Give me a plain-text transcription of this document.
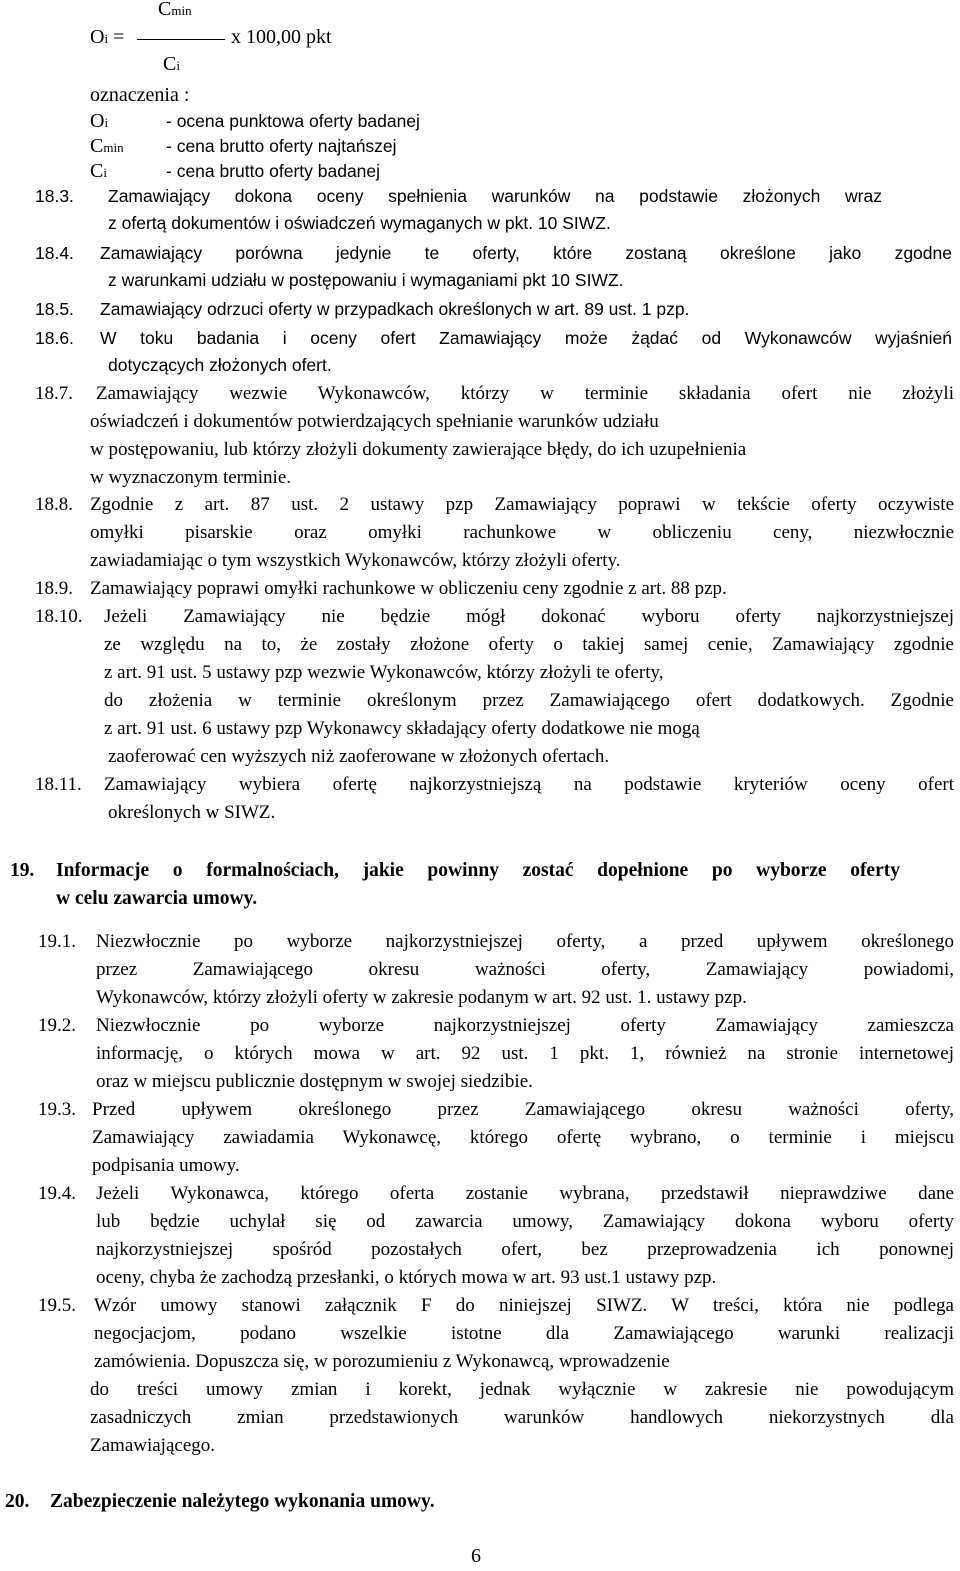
Cmin
Oi =	x 100,00 pkt
Ci
oznaczenia :
Oi	- ocena punktowa oferty badanej
Cmin - cena brutto oferty najtańszej
Ci	- cena brutto oferty badanej
18.3. Zamawiający dokona oceny spełnienia warunków na podstawie złożonych wraz
z ofertą dokumentów i oświadczeń wymaganych w pkt. 10 SIWZ.
18.4. Zamawiający porówna jedynie te oferty, które zostaną określone jako zgodne
z warunkami udziału w postępowaniu i wymaganiami pkt 10 SIWZ.
18.5. Zamawiający odrzuci oferty w przypadkach określonych w art. 89 ust. 1 pzp.
18.6. W toku badania i oceny ofert Zamawiający może żądać od Wykonawców wyjaśnień
dotyczących złożonych ofert.
18.7. Zamawiający wezwie Wykonawców, którzy w terminie składania ofert nie złożyli
oświadczeń i dokumentów potwierdzających spełnianie warunków udziału
w postępowaniu, lub którzy złożyli dokumenty zawierające błędy, do ich uzupełnienia
w wyznaczonym terminie.
18.8. Zgodnie z art. 87 ust. 2 ustawy pzp Zamawiający poprawi w tekście oferty oczywiste
omyłki pisarskie oraz omyłki rachunkowe w obliczeniu ceny, niezwłocznie
zawiadamiając o tym wszystkich Wykonawców, którzy złożyli oferty.
18.9. Zamawiający poprawi omyłki rachunkowe w obliczeniu ceny zgodnie z art. 88 pzp.
18.10. Jeżeli Zamawiający nie będzie mógł dokonać wyboru oferty najkorzystniejszej
ze względu na to, że zostały złożone oferty o takiej samej cenie, Zamawiający zgodnie
z art. 91 ust. 5 ustawy pzp wezwie Wykonawców, którzy złożyli te oferty,
do złożenia w terminie określonym przez Zamawiającego ofert dodatkowych. Zgodnie
z art. 91 ust. 6 ustawy pzp Wykonawcy składający oferty dodatkowe nie mogą
zaoferować cen wyższych niż zaoferowane w złożonych ofertach.
18.11. Zamawiający wybiera ofertę najkorzystniejszą na podstawie kryteriów oceny ofert
określonych w SIWZ.
19. Informacje o formalnościach, jakie powinny zostać dopełnione po wyborze oferty
w celu zawarcia umowy.
19.1. Niezwłocznie po wyborze najkorzystniejszej oferty, a przed upływem określonego
przez Zamawiającego okresu ważności oferty, Zamawiający powiadomi,
Wykonawców, którzy złożyli oferty w zakresie podanym w art. 92 ust. 1. ustawy pzp.
19.2. Niezwłocznie po wyborze najkorzystniejszej oferty Zamawiający zamieszcza
informację, o których mowa w art. 92 ust. 1 pkt. 1, również na stronie internetowej
oraz w miejscu publicznie dostępnym w swojej siedzibie.
19.3. Przed upływem określonego przez Zamawiającego okresu ważności oferty,
Zamawiający zawiadamia Wykonawcę, którego ofertę wybrano, o terminie i miejscu
podpisania umowy.
19.4. Jeżeli Wykonawca, którego oferta zostanie wybrana, przedstawił nieprawdziwe dane
lub będzie uchylał się od zawarcia umowy, Zamawiający dokona wyboru oferty
najkorzystniejszej spośród pozostałych ofert, bez przeprowadzenia ich ponownej
oceny, chyba że zachodzą przesłanki, o których mowa w art. 93 ust.1 ustawy pzp.
19.5. Wzór umowy stanowi załącznik F do niniejszej SIWZ. W treści, która nie podlega
negocjacjom, podano wszelkie istotne dla Zamawiającego warunki realizacji
zamówienia. Dopuszcza się, w porozumieniu z Wykonawcą, wprowadzenie
do treści umowy zmian i korekt, jednak wyłącznie w zakresie nie powodującym
zasadniczych zmian przedstawionych warunków handlowych niekorzystnych dla
Zamawiającego.
20. Zabezpieczenie należytego wykonania umowy.
6
